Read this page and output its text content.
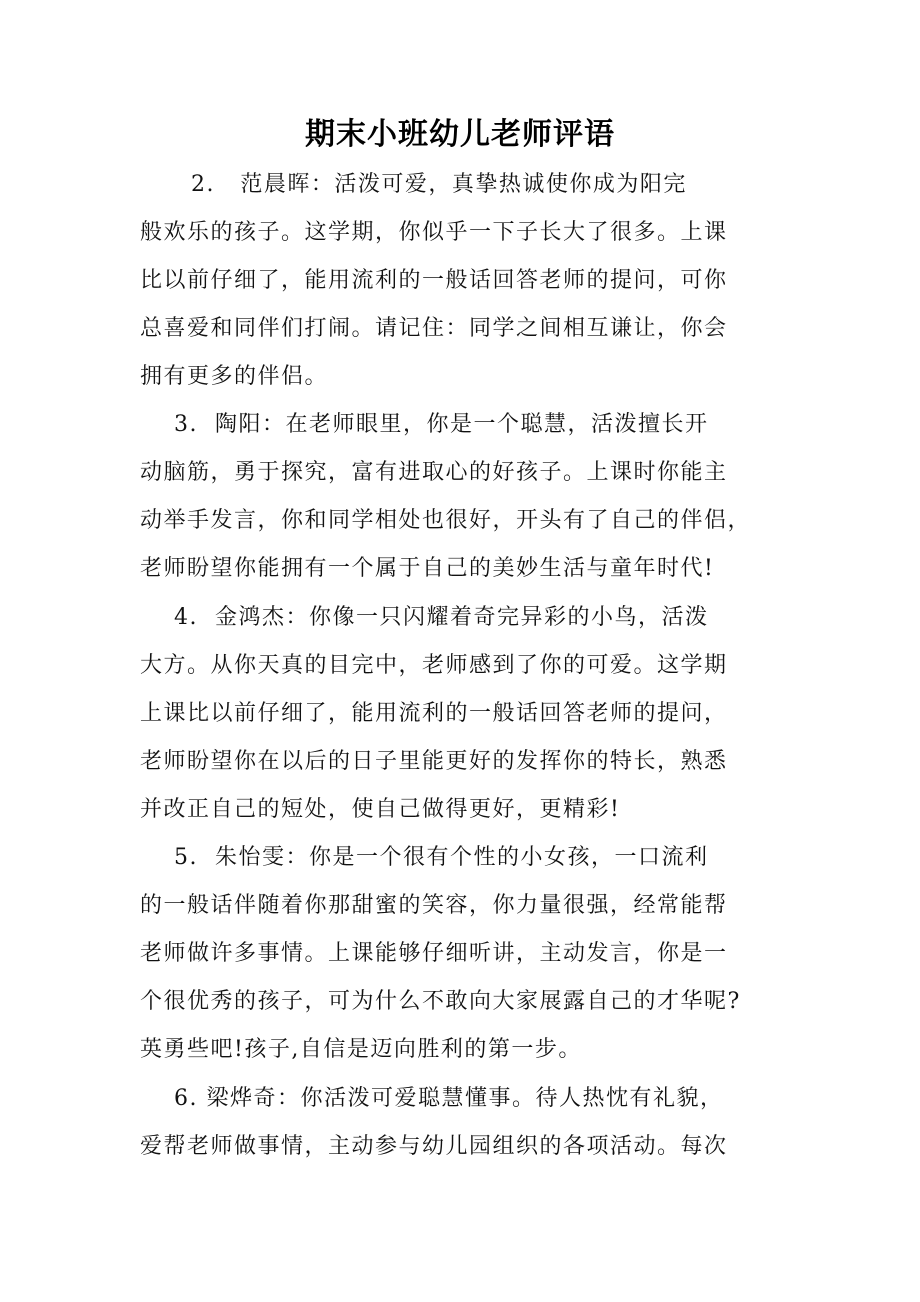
期末小班幼儿老师评语
2.   范晨晖：活泼可爱，真挚热诚使你成为阳完
般欢乐的孩子。这学期，你似乎一下子长大了很多。上课
比以前仔细了，能用流利的一般话回答老师的提问，可你
总喜爱和同伴们打闹。请记住：同学之间相互谦让，你会
拥有更多的伴侣。
3.  陶阳：在老师眼里，你是一个聪慧，活泼擅长开
动脑筋，勇于探究，富有进取心的好孩子。上课时你能主
动举手发言，你和同学相处也很好，开头有了自己的伴侣，
老师盼望你能拥有一个属于自己的美妙生活与童年时代!
4.  金鸿杰：你像一只闪耀着奇完异彩的小鸟，活泼
大方。从你天真的目完中，老师感到了你的可爱。这学期
上课比以前仔细了，能用流利的一般话回答老师的提问，
老师盼望你在以后的日子里能更好的发挥你的特长，熟悉
并改正自己的短处，使自己做得更好，更精彩!
5.  朱怡雯：你是一个很有个性的小女孩，一口流利
的一般话伴随着你那甜蜜的笑容，你力量很强，经常能帮
老师做许多事情。上课能够仔细听讲，主动发言，你是一
个很优秀的孩子，可为什么不敢向大家展露自己的才华呢?
英勇些吧!孩子,自信是迈向胜利的第一步。
6. 梁烨奇：你活泼可爱聪慧懂事。待人热忱有礼貌，
爱帮老师做事情，主动参与幼儿园组织的各项活动。每次
